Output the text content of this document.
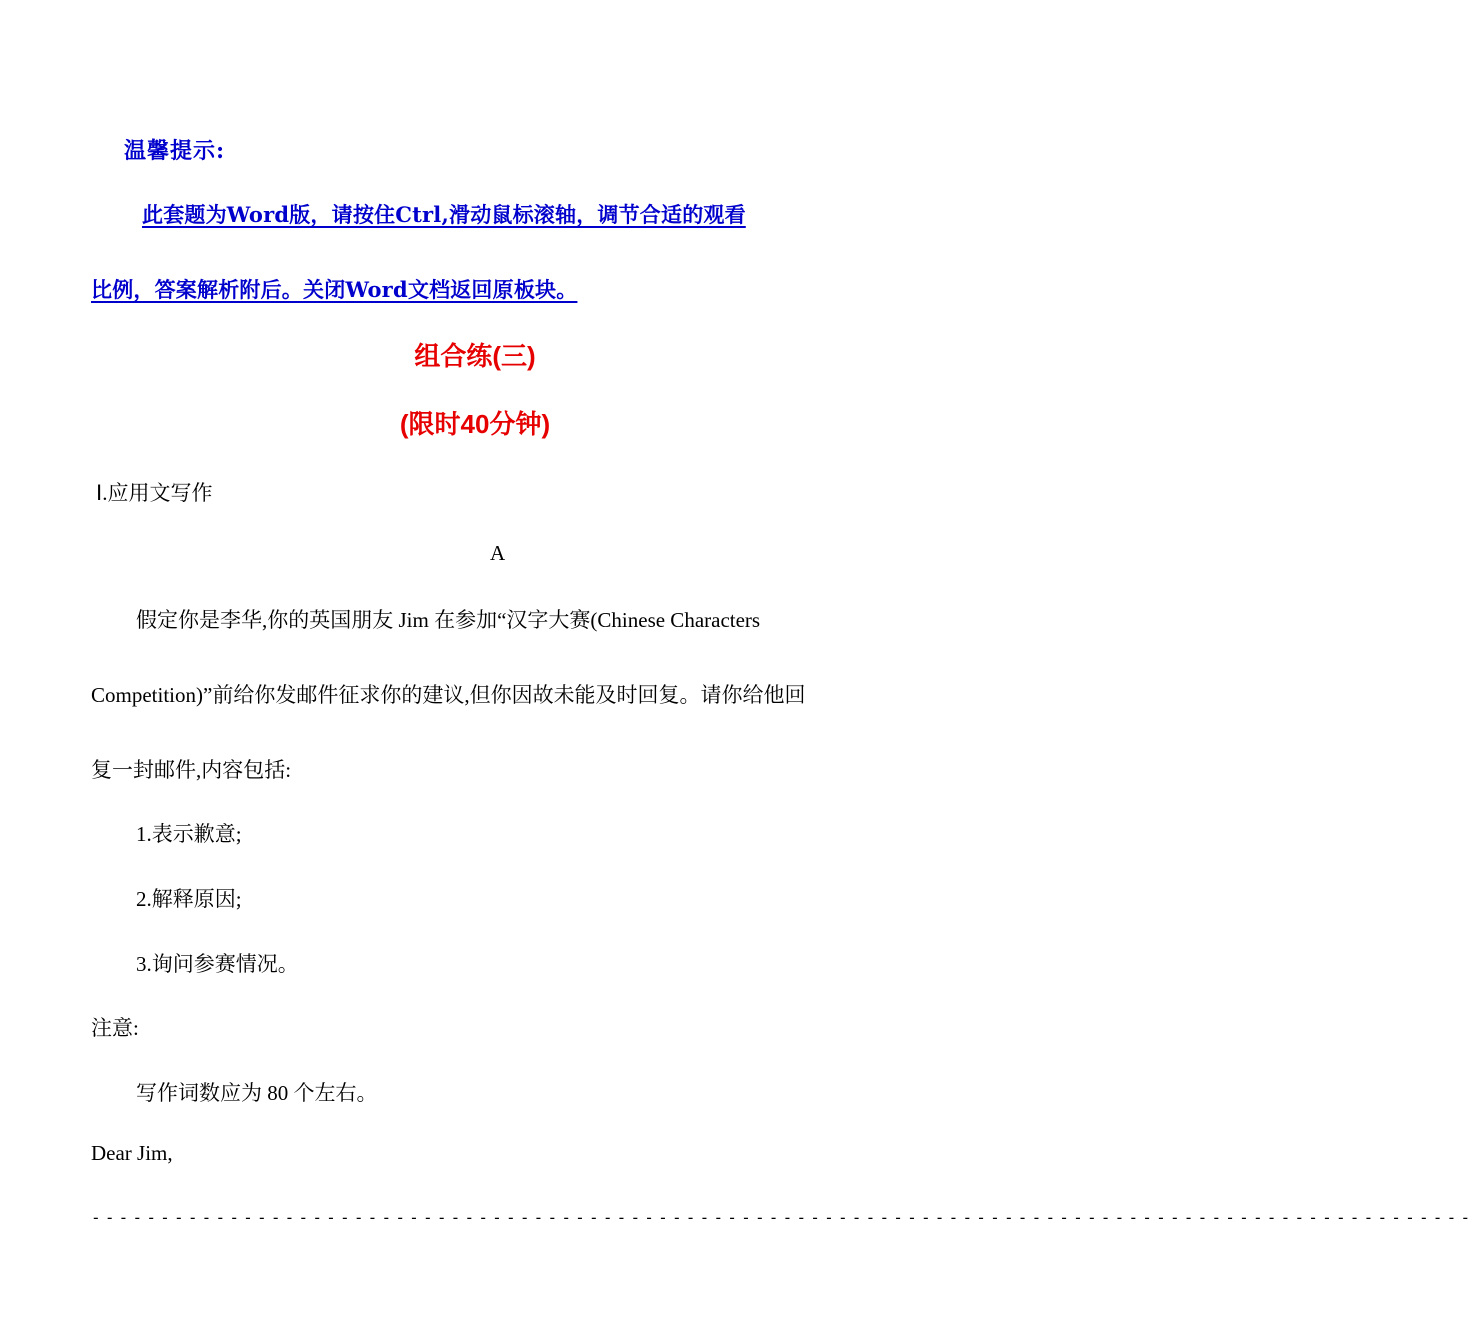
温馨提示:
此套题为Word版，请按住Ctrl,滑动鼠标滚轴，调节合适的观看
比例，答案解析附后。关闭Word文档返回原板块。
组合练(三)
(限时40分钟)
Ⅰ.应用文写作
A
假定你是李华,你的英国朋友 Jim 在参加“汉字大赛(Chinese Characters
Competition)”前给你发邮件征求你的建议,但你因故未能及时回复。请你给他回
复一封邮件,内容包括:
1.表示歉意;
2.解释原因;
3.询问参赛情况。
注意:
写作词数应为 80 个左右。
Dear Jim,
----------------------------------------------------------------------------------------------------
